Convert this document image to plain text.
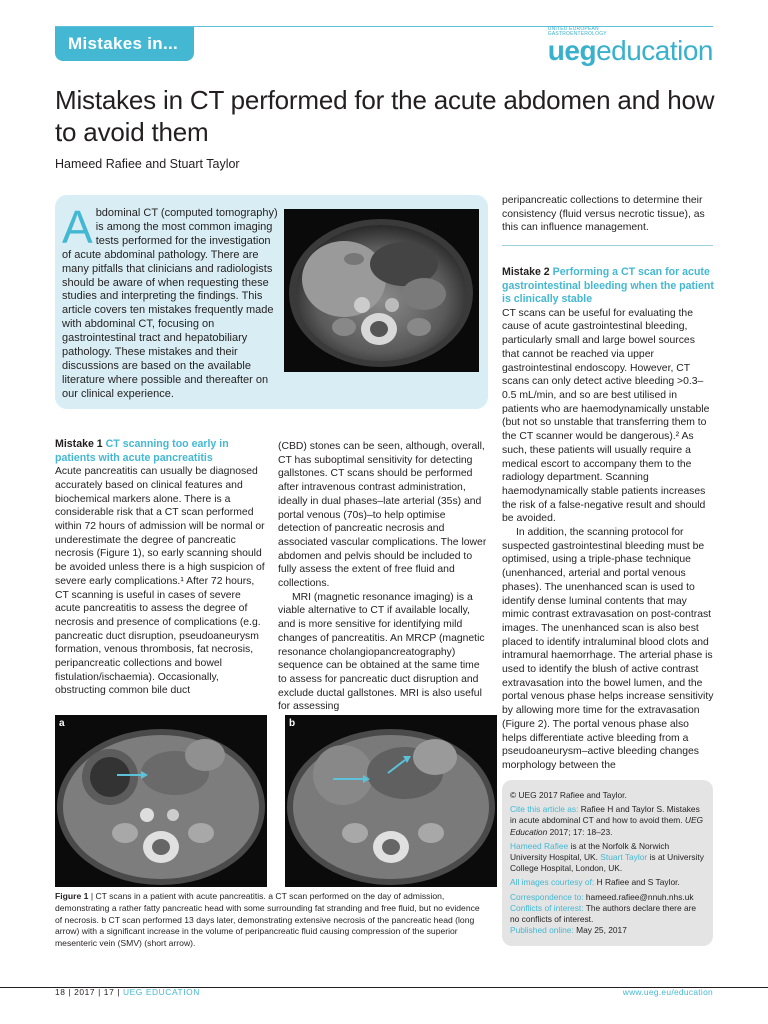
Mistakes in...
UNITED EUROPEAN GASTROENTEROLOGY
uegeducation
Mistakes in CT performed for the acute abdomen and how to avoid them
Hameed Rafiee and Stuart Taylor
Abdominal CT (computed tomography) is among the most common imaging tests performed for the investigation of acute abdominal pathology. There are many pitfalls that clinicians and radiologists should be aware of when requesting these studies and interpreting the findings. This article covers ten mistakes frequently made with abdominal CT, focusing on gastrointestinal tract and hepatobiliary pathology. These mistakes and their discussions are based on the available literature where possible and thereafter on our clinical experience.

Mistake 1 CT scanning too early in patients with acute pancreatitis

Acute pancreatitis can usually be diagnosed accurately based on clinical features and biochemical markers alone. There is a considerable risk that a CT scan performed within 72 hours of admission will be normal or underestimate the degree of pancreatic necrosis (Figure 1), so early scanning should be avoided unless there is a high suspicion of severe early complications.¹ After 72 hours, CT scanning is useful in cases of severe acute pancreatitis to assess the degree of necrosis and presence of complications (e.g. pancreatic duct disruption, pseudoaneurysm formation, venous thrombosis, fat necrosis, peripancreatic collections and bowel fistulation/ischaemia). Occasionally, obstructing common bile duct

(CBD) stones can be seen, although, overall, CT has suboptimal sensitivity for detecting gallstones. CT scans should be performed after intravenous contrast administration, ideally in dual phases–late arterial (35s) and portal venous (70s)–to help optimise detection of pancreatic necrosis and associated vascular complications. The lower abdomen and pelvis should be included to fully assess the extent of free fluid and collections.

MRI (magnetic resonance imaging) is a viable alternative to CT if available locally, and is more sensitive for identifying mild changes of pancreatitis. An MRCP (magnetic resonance cholangiopancreatography) sequence can be obtained at the same time to assess for pancreatic duct disruption and exclude ductal gallstones. MRI is also useful for assessing

peripancreatic collections to determine their consistency (fluid versus necrotic tissue), as this can influence management.

Mistake 2 Performing a CT scan for acute gastrointestinal bleeding when the patient is clinically stable

CT scans can be useful for evaluating the cause of acute gastrointestinal bleeding, particularly small and large bowel sources that cannot be reached via upper gastrointestinal endoscopy. However, CT scans can only detect active bleeding >0.3–0.5 mL/min, and so are best utilised in patients who are haemodynamically unstable (but not so unstable that transferring them to the CT scanner would be dangerous).² As such, these patients will usually require a medical escort to accompany them to the radiology department. Scanning haemodynamically stable patients increases the risk of a false-negative result and should be avoided.

In addition, the scanning protocol for suspected gastrointestinal bleeding must be optimised, using a triple-phase technique (unenhanced, arterial and portal venous phases). The unenhanced scan is used to identify dense luminal contents that may mimic contrast extravasation on post-contrast images. The unenhanced scan is also best placed to identify intraluminal blood clots and intramural haemorrhage. The arterial phase is used to identify the blush of active contrast extravasation into the bowel lumen, and the portal venous phase helps increase sensitivity by allowing more time for the extravasation (Figure 2). The portal venous phase also helps differentiate active bleeding from a pseudoaneurysm–active bleeding changes morphology between the

a	b
Figure 1 | CT scans in a patient with acute pancreatitis. a CT scan performed on the day of admission, demonstrating a rather fatty pancreatic head with some surrounding fat stranding and free fluid, but no evidence of necrosis. b CT scan performed 13 days later, demonstrating extensive necrosis of the pancreatic head (long arrow) with a significant increase in the volume of peripancreatic fluid causing compression of the superior mesenteric vein (SMV) (short arrow).

© UEG 2017 Rafiee and Taylor.

Cite this article as: Rafiee H and Taylor S. Mistakes in acute abdominal CT and how to avoid them. UEG Education 2017; 17: 18–23.

Hameed Rafiee is at the Norfolk & Norwich University Hospital, UK. Stuart Taylor is at University College Hospital, London, UK.

All images courtesy of: H Rafiee and S Taylor.

Correspondence to: hameed.rafiee@nnuh.nhs.uk

Conflicts of interest: The authors declare there are no conflicts of interest.

Published online: May 25, 2017

18 | 2017 | 17 | UEG EDUCATION	www.ueg.eu/education
